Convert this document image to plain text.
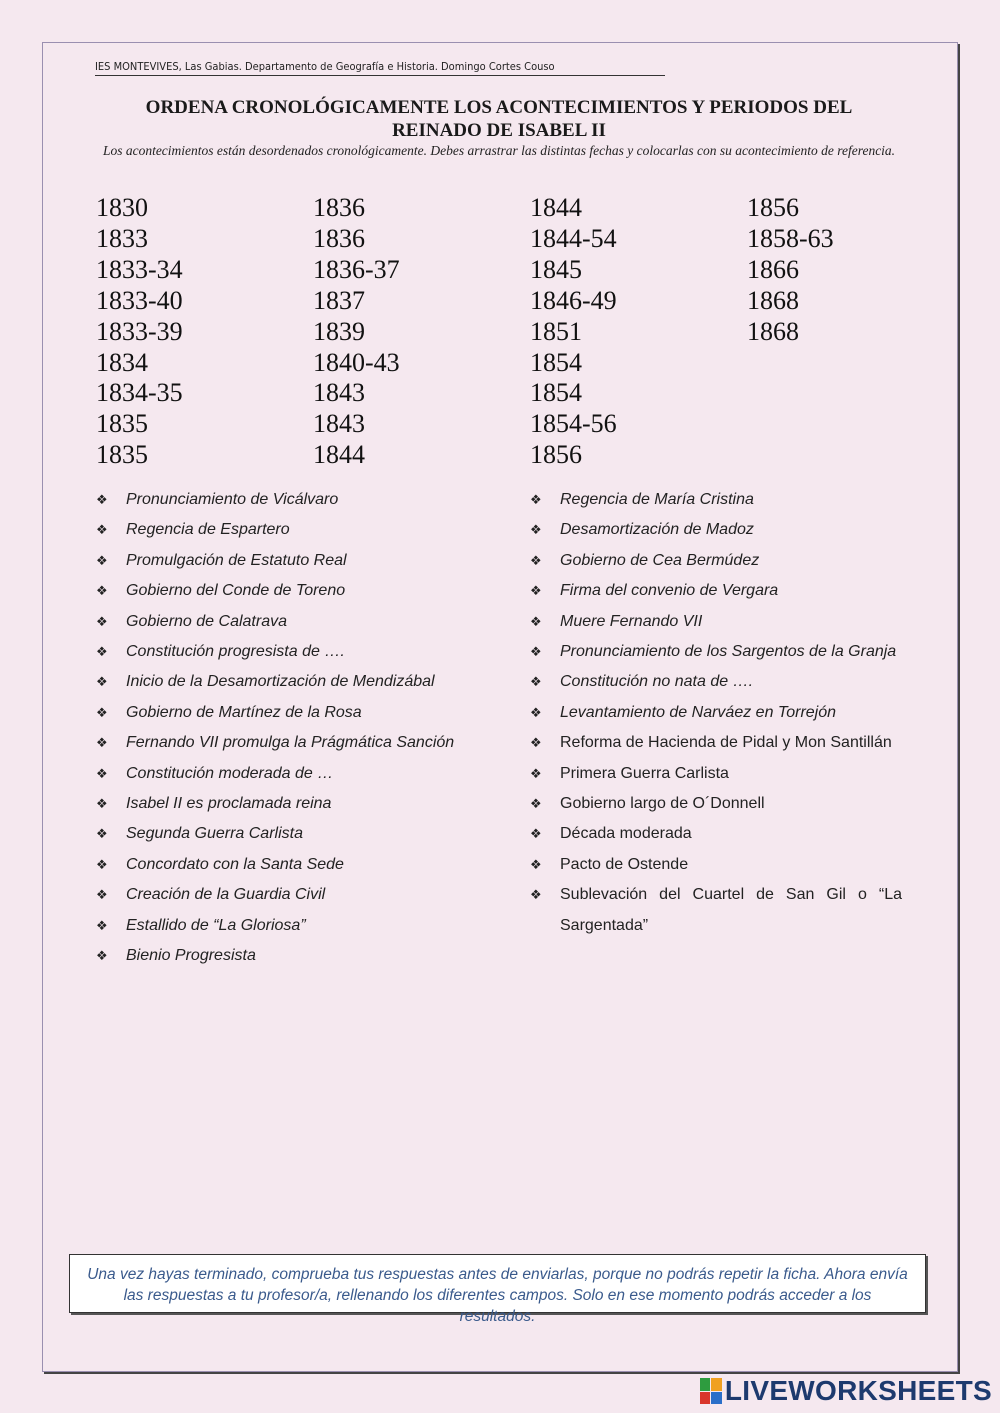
IES MONTEVIVES, Las Gabias. Departamento de Geografía e Historia. Domingo Cortes Couso
ORDENA CRONOLÓGICAMENTE LOS ACONTECIMIENTOS Y PERIODOS DEL
REINADO DE ISABEL II
Los acontecimientos están desordenados cronológicamente. Debes arrastrar las distintas fechas y colocarlas con su acontecimiento de referencia.
1830
1833
1833-34
1833-40
1833-39
1834
1834-35
1835
1835
1836
1836
1836-37
1837
1839
1840-43
1843
1843
1844
1844
1844-54
1845
1846-49
1851
1854
1854
1854-56
1856
1856
1858-63
1866
1868
1868
❖ Pronunciamiento de Vicálvaro
❖ Regencia de Espartero
❖ Promulgación de Estatuto Real
❖ Gobierno del Conde de Toreno
❖ Gobierno de Calatrava
❖ Constitución progresista de ….
❖ Inicio de la Desamortización de Mendizábal
❖ Gobierno de Martínez de la Rosa
❖ Fernando VII promulga la Prágmática Sanción
❖ Constitución moderada de …
❖ Isabel II es proclamada reina
❖ Segunda Guerra Carlista
❖ Concordato con la Santa Sede
❖ Creación de la Guardia Civil
❖ Estallido de “La Gloriosa”
❖ Bienio Progresista
❖ Regencia de María Cristina
❖ Desamortización de Madoz
❖ Gobierno de Cea Bermúdez
❖ Firma del convenio de Vergara
❖ Muere Fernando VII
❖ Pronunciamiento de los Sargentos de la Granja
❖ Constitución no nata de ….
❖ Levantamiento de Narváez en Torrejón
❖ Reforma de Hacienda de Pidal y Mon Santillán
❖ Primera Guerra Carlista
❖ Gobierno largo de O´Donnell
❖ Década moderada
❖ Pacto de Ostende
❖ Sublevación del Cuartel de San Gil o “La Sargentada”
Una vez hayas terminado, comprueba tus respuestas antes de enviarlas, porque no podrás repetir la ficha. Ahora envía las respuestas a tu profesor/a, rellenando los diferentes campos. Solo en ese momento podrás acceder a los resultados.
LIVEWORKSHEETS
